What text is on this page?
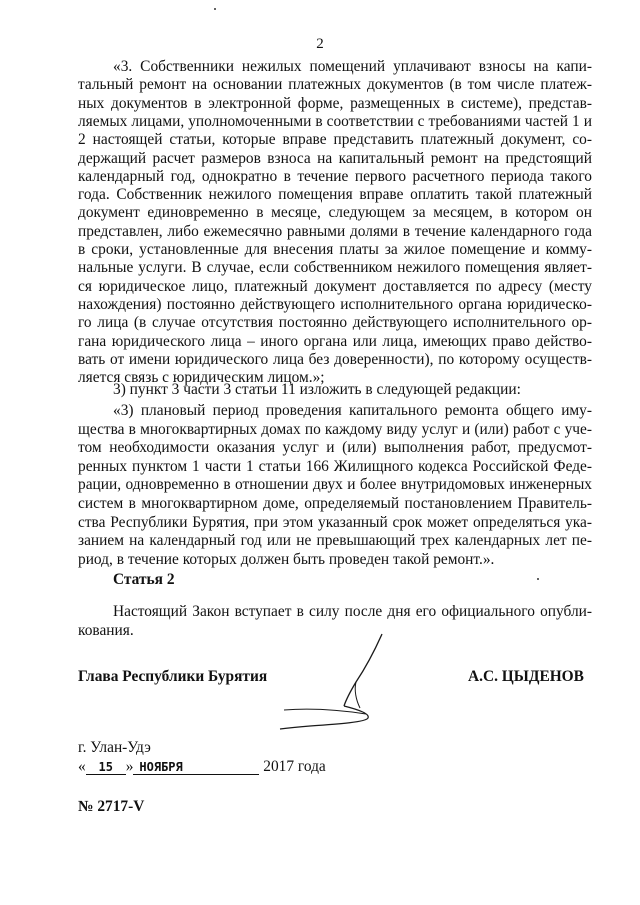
2
«3. Собственники нежилых помещений уплачивают взносы на капи-
тальный ремонт на основании платежных документов (в том числе платеж-
ных документов в электронной форме, размещенных в системе), представ-
ляемых лицами, уполномоченными в соответствии с требованиями частей 1 и
2 настоящей статьи, которые вправе представить платежный документ, со-
держащий расчет размеров взноса на капитальный ремонт на предстоящий
календарный год, однократно в течение первого расчетного периода такого
года. Собственник нежилого помещения вправе оплатить такой платежный
документ единовременно в месяце, следующем за месяцем, в котором он
представлен, либо ежемесячно равными долями в течение календарного года
в сроки, установленные для внесения платы за жилое помещение и комму-
нальные услуги. В случае, если собственником нежилого помещения являет-
ся юридическое лицо, платежный документ доставляется по адресу (месту
нахождения) постоянно действующего исполнительного органа юридическо-
го лица (в случае отсутствия постоянно действующего исполнительного ор-
гана юридического лица – иного органа или лица, имеющих право действо-
вать от имени юридического лица без доверенности), по которому осуществ-
ляется связь с юридическим лицом.»;
3) пункт 3 части 3 статьи 11 изложить в следующей редакции:
«3) плановый период проведения капитального ремонта общего иму-
щества в многоквартирных домах по каждому виду услуг и (или) работ с уче-
том необходимости оказания услуг и (или) выполнения работ, предусмот-
ренных пунктом 1 части 1 статьи 166 Жилищного кодекса Российской Феде-
рации, одновременно в отношении двух и более внутридомовых инженерных
систем в многоквартирном доме, определяемый постановлением Правитель-
ства Республики Бурятия, при этом указанный срок может определяться ука-
занием на календарный год или не превышающий трех календарных лет пе-
риод, в течение которых должен быть проведен такой ремонт.».
Статья 2
Настоящий Закон вступает в силу после дня его официального опубли-
кования.
Глава Республики Бурятия	А.С. ЦЫДЕНОВ
г. Улан-Удэ
« 15 » НОЯБРЯ	2017 года
№ 2717-V
